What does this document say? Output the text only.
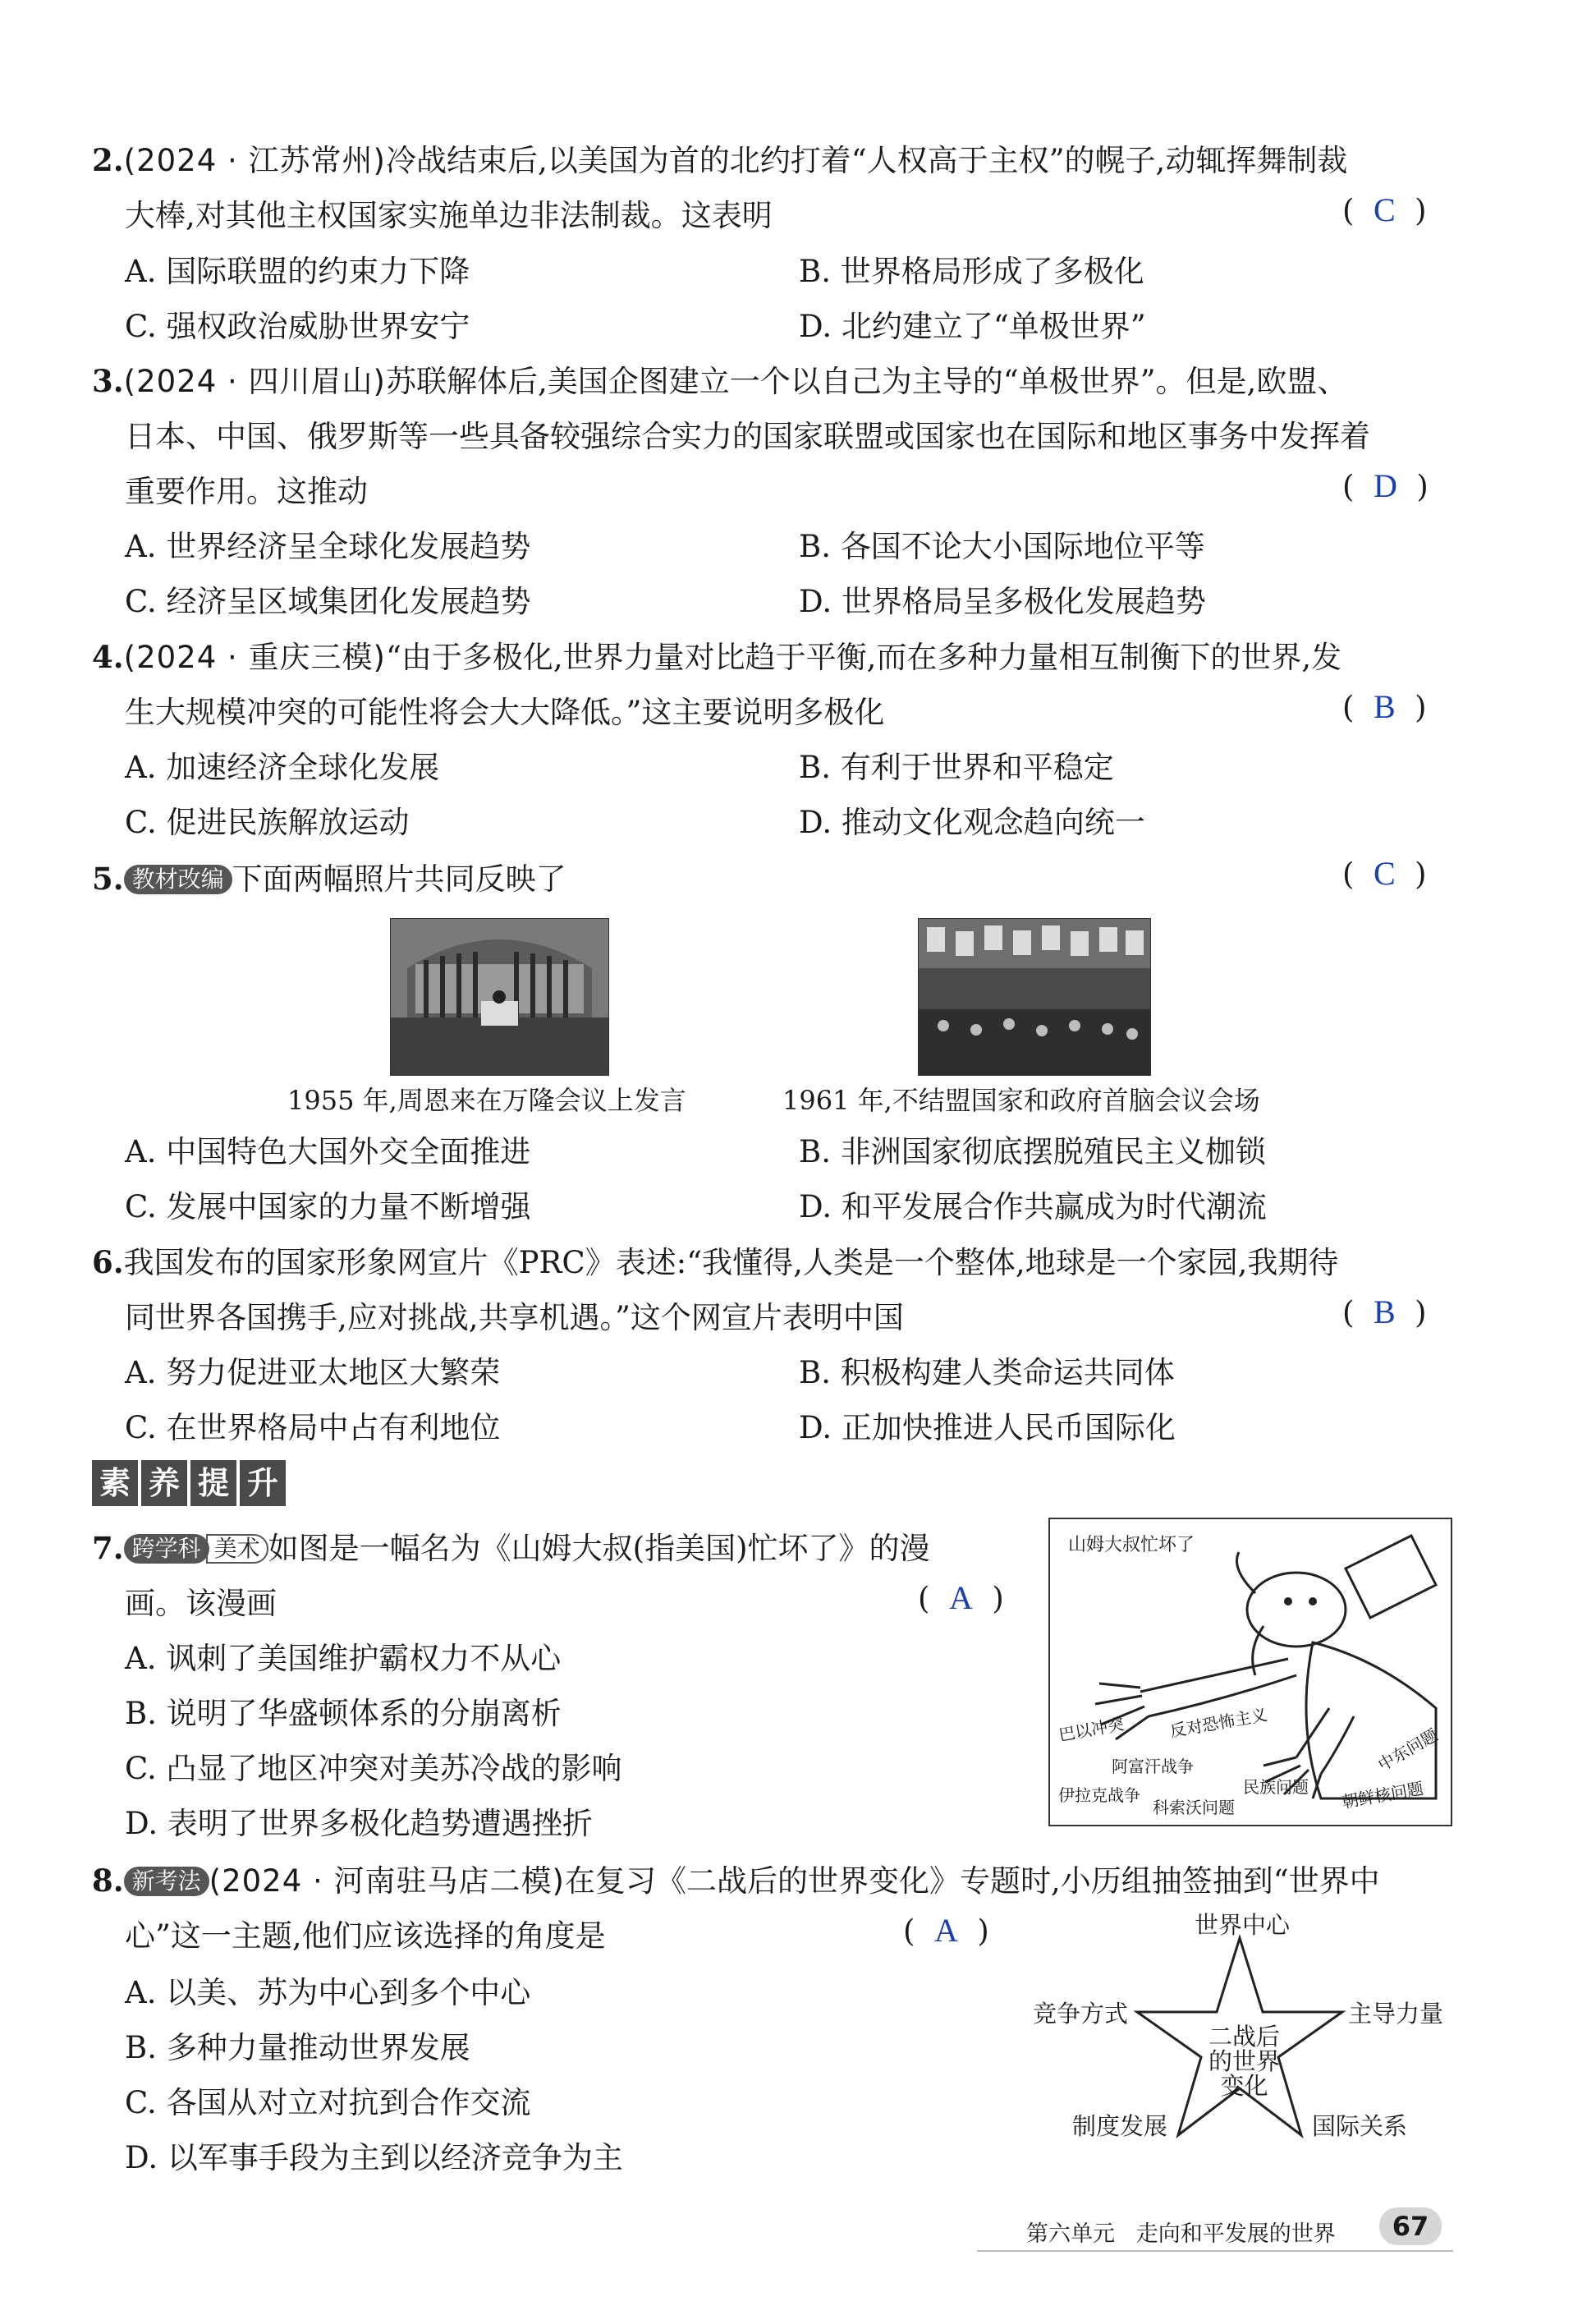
2.(2024 · 江苏常州)冷战结束后,以美国为首的北约打着“人权高于主权”的幌子,动辄挥舞制裁
大棒,对其他主权国家实施单边非法制裁。这表明	(  C  )
A. 国际联盟的约束力下降	B. 世界格局形成了多极化
C. 强权政治威胁世界安宁	D. 北约建立了“单极世界”
3.(2024 · 四川眉山)苏联解体后,美国企图建立一个以自己为主导的“单极世界”。但是,欧盟、
日本、中国、俄罗斯等一些具备较强综合实力的国家联盟或国家也在国际和地区事务中发挥着
重要作用。这推动	(  D  )
A. 世界经济呈全球化发展趋势	B. 各国不论大小国际地位平等
C. 经济呈区域集团化发展趋势	D. 世界格局呈多极化发展趋势
4.(2024 · 重庆三模)“由于多极化,世界力量对比趋于平衡,而在多种力量相互制衡下的世界,发
生大规模冲突的可能性将会大大降低。”这主要说明多极化	(  B  )
A. 加速经济全球化发展	B. 有利于世界和平稳定
C. 促进民族解放运动	D. 推动文化观念趋向统一
5. 教材改编 下面两幅照片共同反映了	(  C  )
1955 年,周恩来在万隆会议上发言	1961 年,不结盟国家和政府首脑会议会场
A. 中国特色大国外交全面推进	B. 非洲国家彻底摆脱殖民主义枷锁
C. 发展中国家的力量不断增强	D. 和平发展合作共赢成为时代潮流
6.我国发布的国家形象网宣片《PRC》表述:“我懂得,人类是一个整体,地球是一个家园,我期待
同世界各国携手,应对挑战,共享机遇。”这个网宣片表明中国	(  B  )
A. 努力促进亚太地区大繁荣	B. 积极构建人类命运共同体
C. 在世界格局中占有利地位	D. 正加快推进人民币国际化
素 养 提 升
7. 跨学科 美术 如图是一幅名为《山姆大叔(指美国)忙坏了》的漫
画。该漫画	(  A  )
A. 讽刺了美国维护霸权力不从心
B. 说明了华盛顿体系的分崩离析
C. 凸显了地区冲突对美苏冷战的影响
D. 表明了世界多极化趋势遭遇挫折
山姆大叔忙坏了
巴以冲突	反对恐怖主义
阿富汗战争
民族问题
中东问题
伊拉克战争
科索沃问题	朝鲜核问题
8. 新考法 (2024 · 河南驻马店二模)在复习《二战后的世界变化》专题时,小历组抽签抽到“世界中
心”这一主题,他们应该选择的角度是	(  A  )
A. 以美、苏为中心到多个中心
B. 多种力量推动世界发展
C. 各国从对立对抗到合作交流
D. 以军事手段为主到以经济竞争为主
二战后
的世界
变化
世界中心
竞争方式	主导力量
制度发展	国际关系
第六单元 走向和平发展的世界	67
